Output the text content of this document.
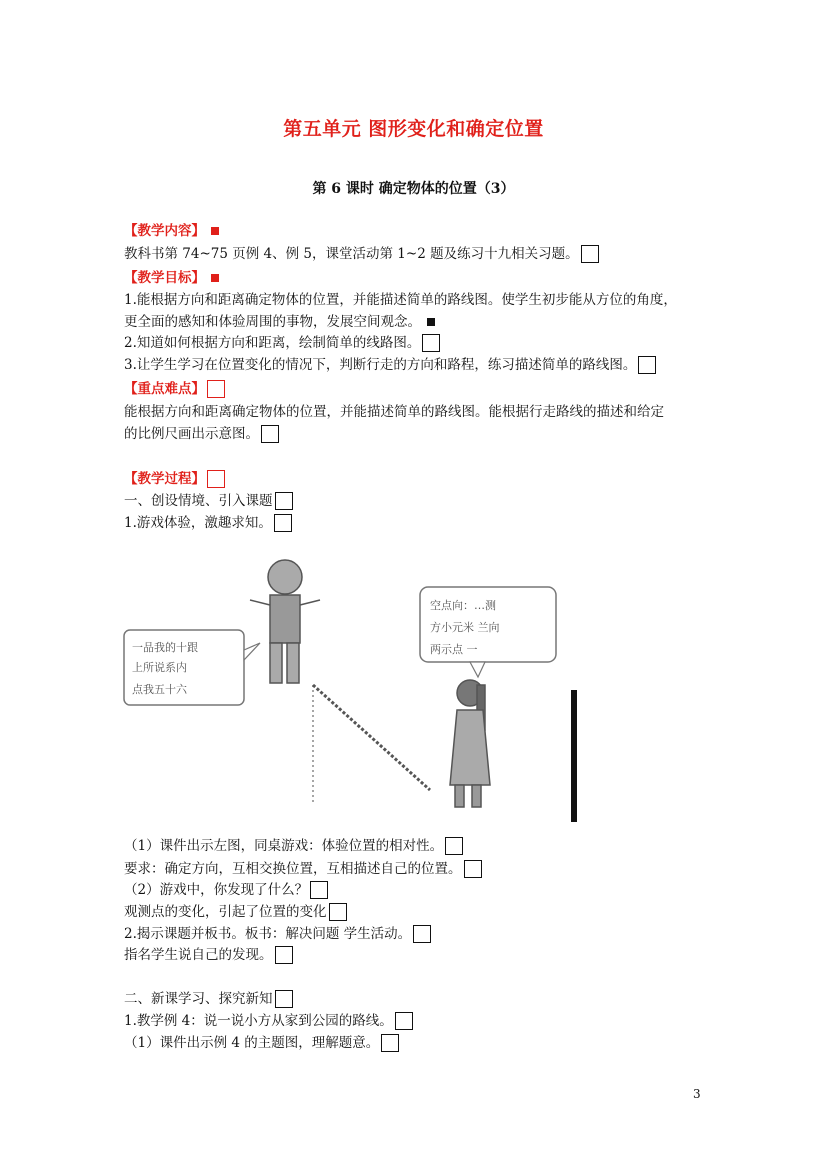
第五单元 图形变化和确定位置
第 6 课时 确定物体的位置（3）
【教学内容】
教科书第 74~75 页例 4、例 5，课堂活动第 1~2 题及练习十九相关习题。
【教学目标】
1.能根据方向和距离确定物体的位置，并能描述简单的路线图。使学生初步能从方位的角度，
更全面的感知和体验周围的事物，发展空间观念。
2.知道如何根据方向和距离，绘制简单的线路图。
3.让学生学习在位置变化的情况下，判断行走的方向和路程，练习描述简单的路线图。
【重点难点】
能根据方向和距离确定物体的位置，并能描述简单的路线图。能根据行走路线的描述和给定
的比例尺画出示意图。
【教学过程】
一、创设情境、引入课题
1.游戏体验，激趣求知。
一品我的十跟
上所说系内
点我五十六
空点向：…测
方小元米 兰向
两示点 一
（1）课件出示左图，同桌游戏：体验位置的相对性。
要求：确定方向，互相交换位置，互相描述自己的位置。
（2）游戏中，你发现了什么？
观测点的变化，引起了位置的变化
2.揭示课题并板书。板书：解决问题 学生活动。
指名学生说自己的发现。
二、新课学习、探究新知
1.教学例 4：说一说小方从家到公园的路线。
（1）课件出示例 4 的主题图，理解题意。
3
